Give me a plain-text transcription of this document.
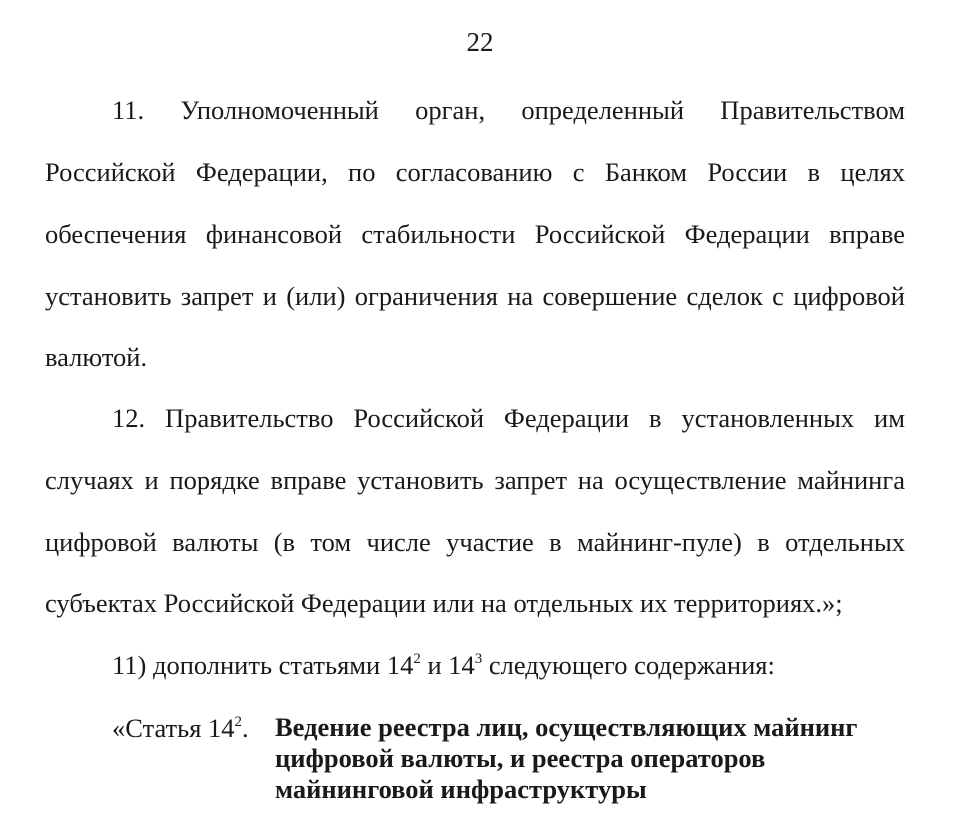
22
11. Уполномоченный орган, определенный Правительством
Российской Федерации, по согласованию с Банком России в целях
обеспечения финансовой стабильности Российской Федерации вправе
установить запрет и (или) ограничения на совершение сделок с цифровой
валютой.
12. Правительство Российской Федерации в установленных им
случаях и порядке вправе установить запрет на осуществление майнинга
цифровой валюты (в том числе участие в майнинг-пуле) в отдельных
субъектах Российской Федерации или на отдельных их территориях.»;
11) дополнить статьями $14^2$ и $14^3$ следующего содержания:
«Статья $14^2$. Ведение реестра лиц, осуществляющих майнинг
цифровой валюты, и реестра операторов
майнинговой инфраструктуры
